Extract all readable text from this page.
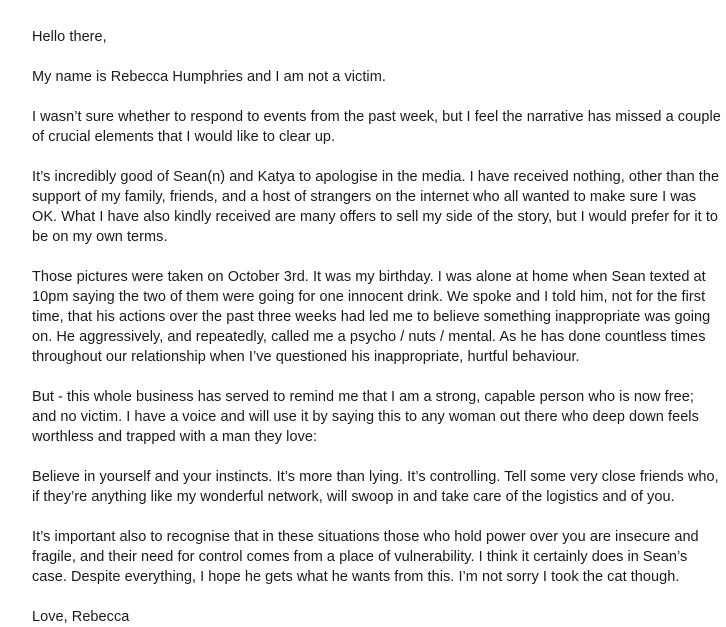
Hello there,

My name is Rebecca Humphries and I am not a victim.

I wasn’t sure whether to respond to events from the past week, but I feel the narrative has missed a couple of crucial elements that I would like to clear up.

It’s incredibly good of Sean(n) and Katya to apologise in the media. I have received nothing, other than the support of my family, friends, and a host of strangers on the internet who all wanted to make sure I was OK. What I have also kindly received are many offers to sell my side of the story, but I would prefer for it to be on my own terms.

Those pictures were taken on October 3rd. It was my birthday. I was alone at home when Sean texted at 10pm saying the two of them were going for one innocent drink. We spoke and I told him, not for the first time, that his actions over the past three weeks had led me to believe something inappropriate was going on. He aggressively, and repeatedly, called me a psycho / nuts / mental. As he has done countless times throughout our relationship when I’ve questioned his inappropriate, hurtful behaviour.

But - this whole business has served to remind me that I am a strong, capable person who is now free; and no victim. I have a voice and will use it by saying this to any woman out there who deep down feels worthless and trapped with a man they love:

Believe in yourself and your instincts. It’s more than lying. It’s controlling. Tell some very close friends who, if they’re anything like my wonderful network, will swoop in and take care of the logistics and of you.

It’s important also to recognise that in these situations those who hold power over you are insecure and fragile, and their need for control comes from a place of vulnerability. I think it certainly does in Sean’s case. Despite everything, I hope he gets what he wants from this. I’m not sorry I took the cat though.

Love, Rebecca
